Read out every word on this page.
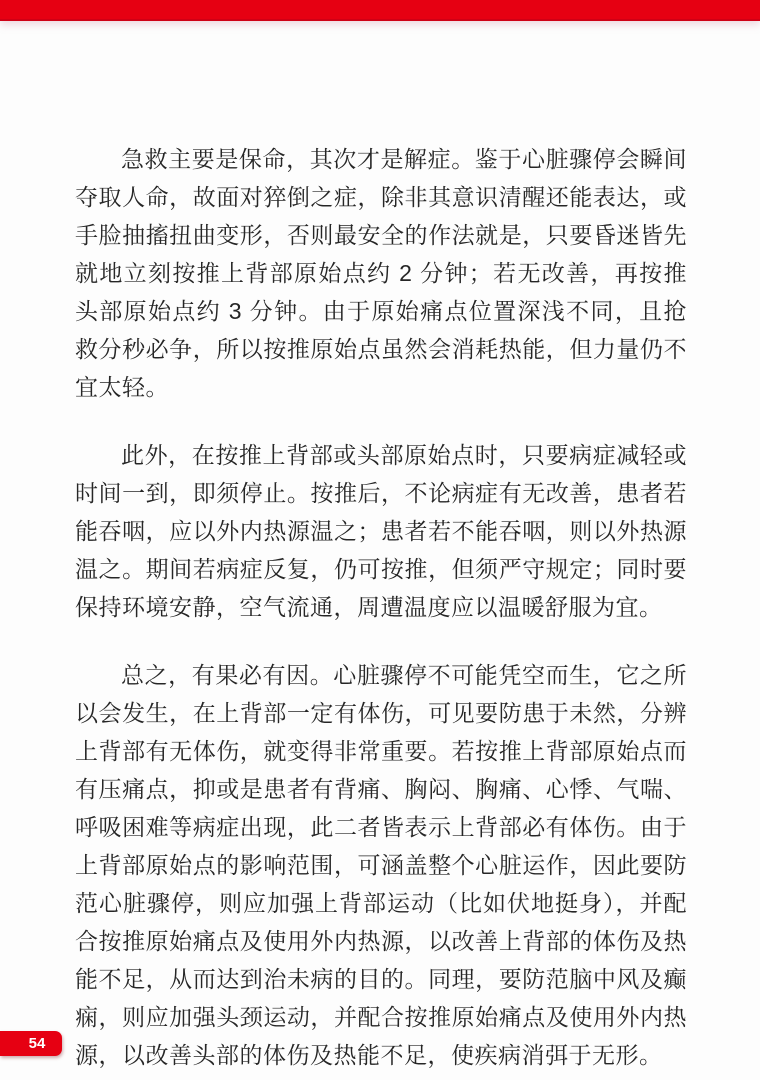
急救主要是保命，其次才是解症。鉴于心脏骤停会瞬间夺取人命，故面对猝倒之症，除非其意识清醒还能表达，或手脸抽搐扭曲变形，否则最安全的作法就是，只要昏迷皆先就地立刻按推上背部原始点约 2 分钟；若无改善，再按推头部原始点约 3 分钟。由于原始痛点位置深浅不同，且抢救分秒必争，所以按推原始点虽然会消耗热能，但力量仍不宜太轻。

此外，在按推上背部或头部原始点时，只要病症减轻或时间一到，即须停止。按推后，不论病症有无改善，患者若能吞咽，应以外内热源温之；患者若不能吞咽，则以外热源温之。期间若病症反复，仍可按推，但须严守规定；同时要保持环境安静，空气流通，周遭温度应以温暖舒服为宜。

总之，有果必有因。心脏骤停不可能凭空而生，它之所以会发生，在上背部一定有体伤，可见要防患于未然，分辨上背部有无体伤，就变得非常重要。若按推上背部原始点而有压痛点，抑或是患者有背痛、胸闷、胸痛、心悸、气喘、呼吸困难等病症出现，此二者皆表示上背部必有体伤。由于上背部原始点的影响范围，可涵盖整个心脏运作，因此要防范心脏骤停，则应加强上背部运动（比如伏地挺身），并配合按推原始痛点及使用外内热源，以改善上背部的体伤及热能不足，从而达到治未病的目的。同理，要防范脑中风及癫痫，则应加强头颈运动，并配合按推原始痛点及使用外内热源，以改善头部的体伤及热能不足，使疾病消弭于无形。

54
